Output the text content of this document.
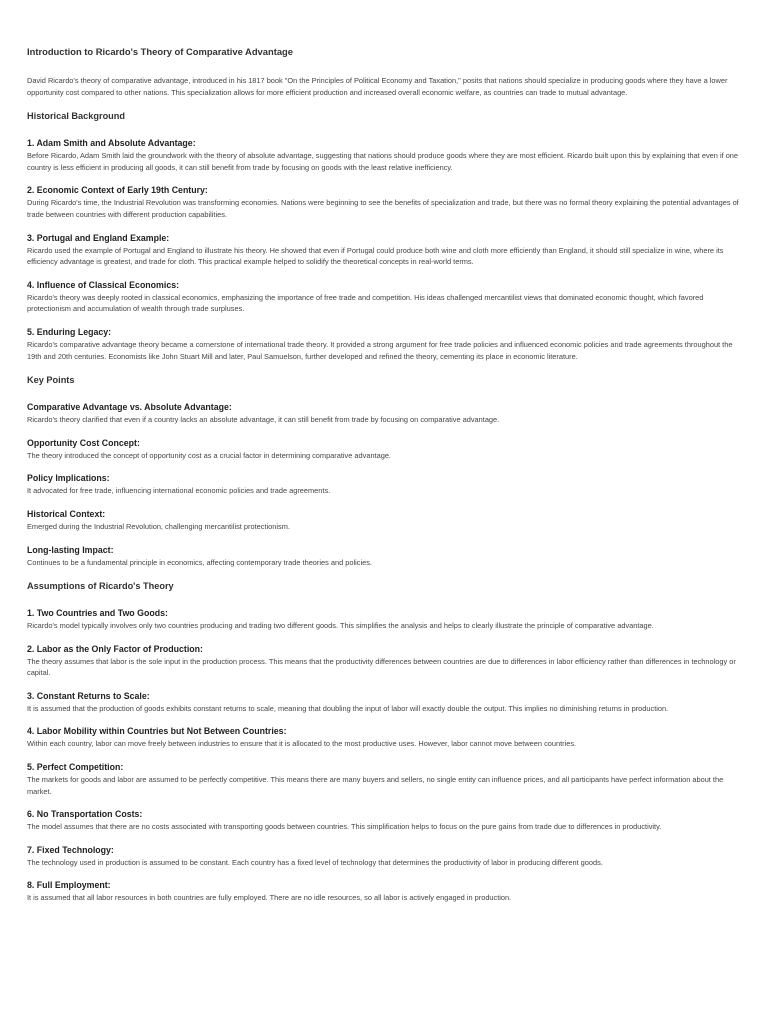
Introduction to Ricardo's Theory of Comparative Advantage

David Ricardo's theory of comparative advantage, introduced in his 1817 book "On the Principles of Political Economy and Taxation," posits that nations should specialize in producing goods where they have a lower opportunity cost compared to other nations. This specialization allows for more efficient production and increased overall economic welfare, as countries can trade to mutual advantage.

Historical Background
1. Adam Smith and Absolute Advantage:

Before Ricardo, Adam Smith laid the groundwork with the theory of absolute advantage, suggesting that nations should produce goods where they are most efficient. Ricardo built upon this by explaining that even if one country is less efficient in producing all goods, it can still benefit from trade by focusing on goods with the least relative inefficiency.

2. Economic Context of Early 19th Century:

During Ricardo's time, the Industrial Revolution was transforming economies. Nations were beginning to see the benefits of specialization and trade, but there was no formal theory explaining the potential advantages of trade between countries with different production capabilities.

3. Portugal and England Example:

Ricardo used the example of Portugal and England to illustrate his theory. He showed that even if Portugal could produce both wine and cloth more efficiently than England, it should still specialize in wine, where its efficiency advantage is greatest, and trade for cloth. This practical example helped to solidify the theoretical concepts in real-world terms.

4. Influence of Classical Economics:

Ricardo's theory was deeply rooted in classical economics, emphasizing the importance of free trade and competition. His ideas challenged mercantilist views that dominated economic thought, which favored protectionism and accumulation of wealth through trade surpluses.

5. Enduring Legacy:

Ricardo's comparative advantage theory became a cornerstone of international trade theory. It provided a strong argument for free trade policies and influenced economic policies and trade agreements throughout the 19th and 20th centuries. Economists like John Stuart Mill and later, Paul Samuelson, further developed and refined the theory, cementing its place in economic literature.

Key Points
Comparative Advantage vs. Absolute Advantage:

Ricardo's theory clarified that even if a country lacks an absolute advantage, it can still benefit from trade by focusing on comparative advantage.

Opportunity Cost Concept:

The theory introduced the concept of opportunity cost as a crucial factor in determining comparative advantage.

Policy Implications:

It advocated for free trade, influencing international economic policies and trade agreements.

Historical Context:

Emerged during the Industrial Revolution, challenging mercantilist protectionism.

Long-lasting Impact:

Continues to be a fundamental principle in economics, affecting contemporary trade theories and policies.

Assumptions of Ricardo's Theory
1. Two Countries and Two Goods:

Ricardo's model typically involves only two countries producing and trading two different goods. This simplifies the analysis and helps to clearly illustrate the principle of comparative advantage.

2. Labor as the Only Factor of Production:

The theory assumes that labor is the sole input in the production process. This means that the productivity differences between countries are due to differences in labor efficiency rather than differences in technology or capital.

3. Constant Returns to Scale:

It is assumed that the production of goods exhibits constant returns to scale, meaning that doubling the input of labor will exactly double the output. This implies no diminishing returns in production.

4. Labor Mobility within Countries but Not Between Countries:

Within each country, labor can move freely between industries to ensure that it is allocated to the most productive uses. However, labor cannot move between countries.

5. Perfect Competition:

The markets for goods and labor are assumed to be perfectly competitive. This means there are many buyers and sellers, no single entity can influence prices, and all participants have perfect information about the market.

6. No Transportation Costs:

The model assumes that there are no costs associated with transporting goods between countries. This simplification helps to focus on the pure gains from trade due to differences in productivity.

7. Fixed Technology:

The technology used in production is assumed to be constant. Each country has a fixed level of technology that determines the productivity of labor in producing different goods.

8. Full Employment:

It is assumed that all labor resources in both countries are fully employed. There are no idle resources, so all labor is actively engaged in production.
